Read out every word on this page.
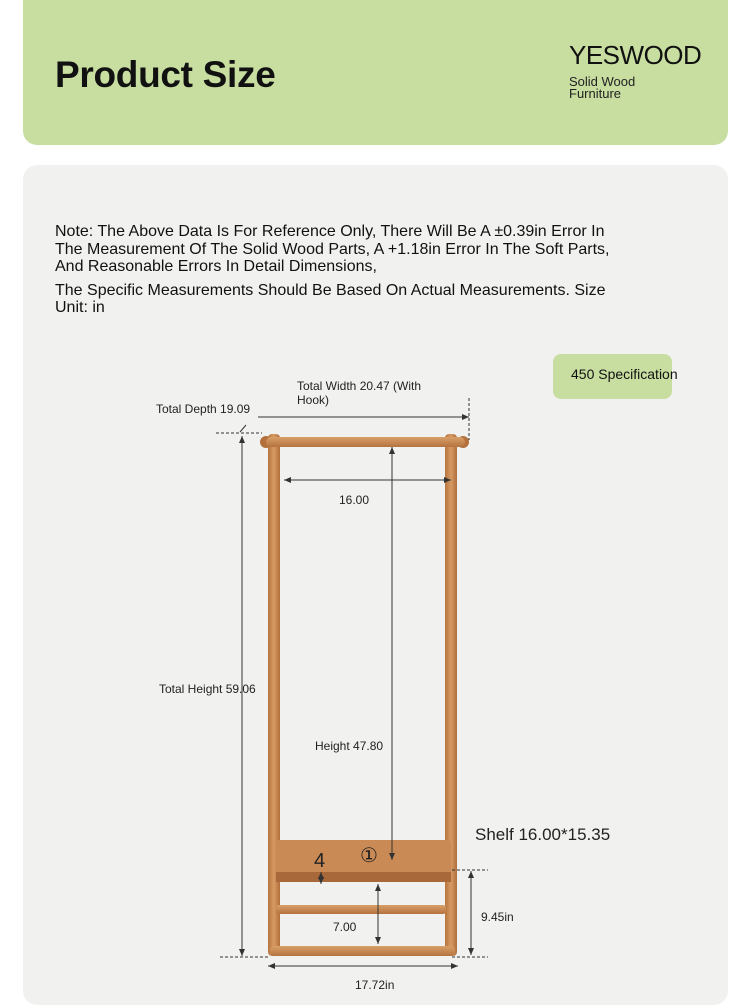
Product Size	YESWOOD
Solid Wood Furniture

Note: The Above Data Is For Reference Only, There Will Be A ±0.39in Error In The Measurement Of The Solid Wood Parts, A +1.18in Error In The Soft Parts, And Reasonable Errors In Detail Dimensions,

The Specific Measurements Should Be Based On Actual Measurements. Size Unit: in

450 Specification
Total Width 20.47 (With Hook)
Total Depth 19.09
16.00
Total Height 59.06
Height 47.80
Shelf 16.00*15.35
4 ①
9.45in
7.00
17.72in
